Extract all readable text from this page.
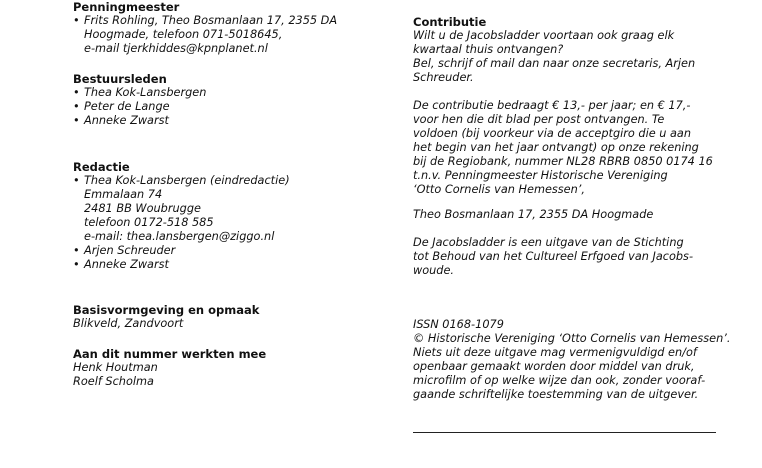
Penningmeester
• Frits Rohling, Theo Bosmanlaan 17, 2355 DA
Hoogmade, telefoon 071-5018645,
e-mail tjerkhiddes@kpnplanet.nl
Bestuursleden
• Thea Kok-Lansbergen
• Peter de Lange
• Anneke Zwarst
Redactie
• Thea Kok-Lansbergen (eindredactie)
Emmalaan 74
2481 BB Woubrugge
telefoon 0172-518 585
e-mail: thea.lansbergen@ziggo.nl
• Arjen Schreuder
• Anneke Zwarst
Basisvormgeving en opmaak
Blikveld, Zandvoort
Aan dit nummer werkten mee
Henk Houtman
Roelf Scholma
Contributie
Wilt u de Jacobsladder voortaan ook graag elk
kwartaal thuis ontvangen?
Bel, schrijf of mail dan naar onze secretaris, Arjen
Schreuder.
De contributie bedraagt € 13,- per jaar; en € 17,-
voor hen die dit blad per post ontvangen. Te
voldoen (bij voorkeur via de acceptgiro die u aan
het begin van het jaar ontvangt) op onze rekening
bij de Regiobank, nummer NL28 RBRB 0850 0174 16
t.n.v. Penningmeester Historische Vereniging
‘Otto Cornelis van Hemessen’,
Theo Bosmanlaan 17, 2355 DA Hoogmade
De Jacobsladder is een uitgave van de Stichting
tot Behoud van het Cultureel Erfgoed van Jacobs-
woude.
ISSN 0168-1079
© Historische Vereniging ‘Otto Cornelis van Hemessen’.
Niets uit deze uitgave mag vermenigvuldigd en/of
openbaar gemaakt worden door middel van druk,
microfilm of op welke wijze dan ook, zonder vooraf-
gaande schriftelijke toestemming van de uitgever.
